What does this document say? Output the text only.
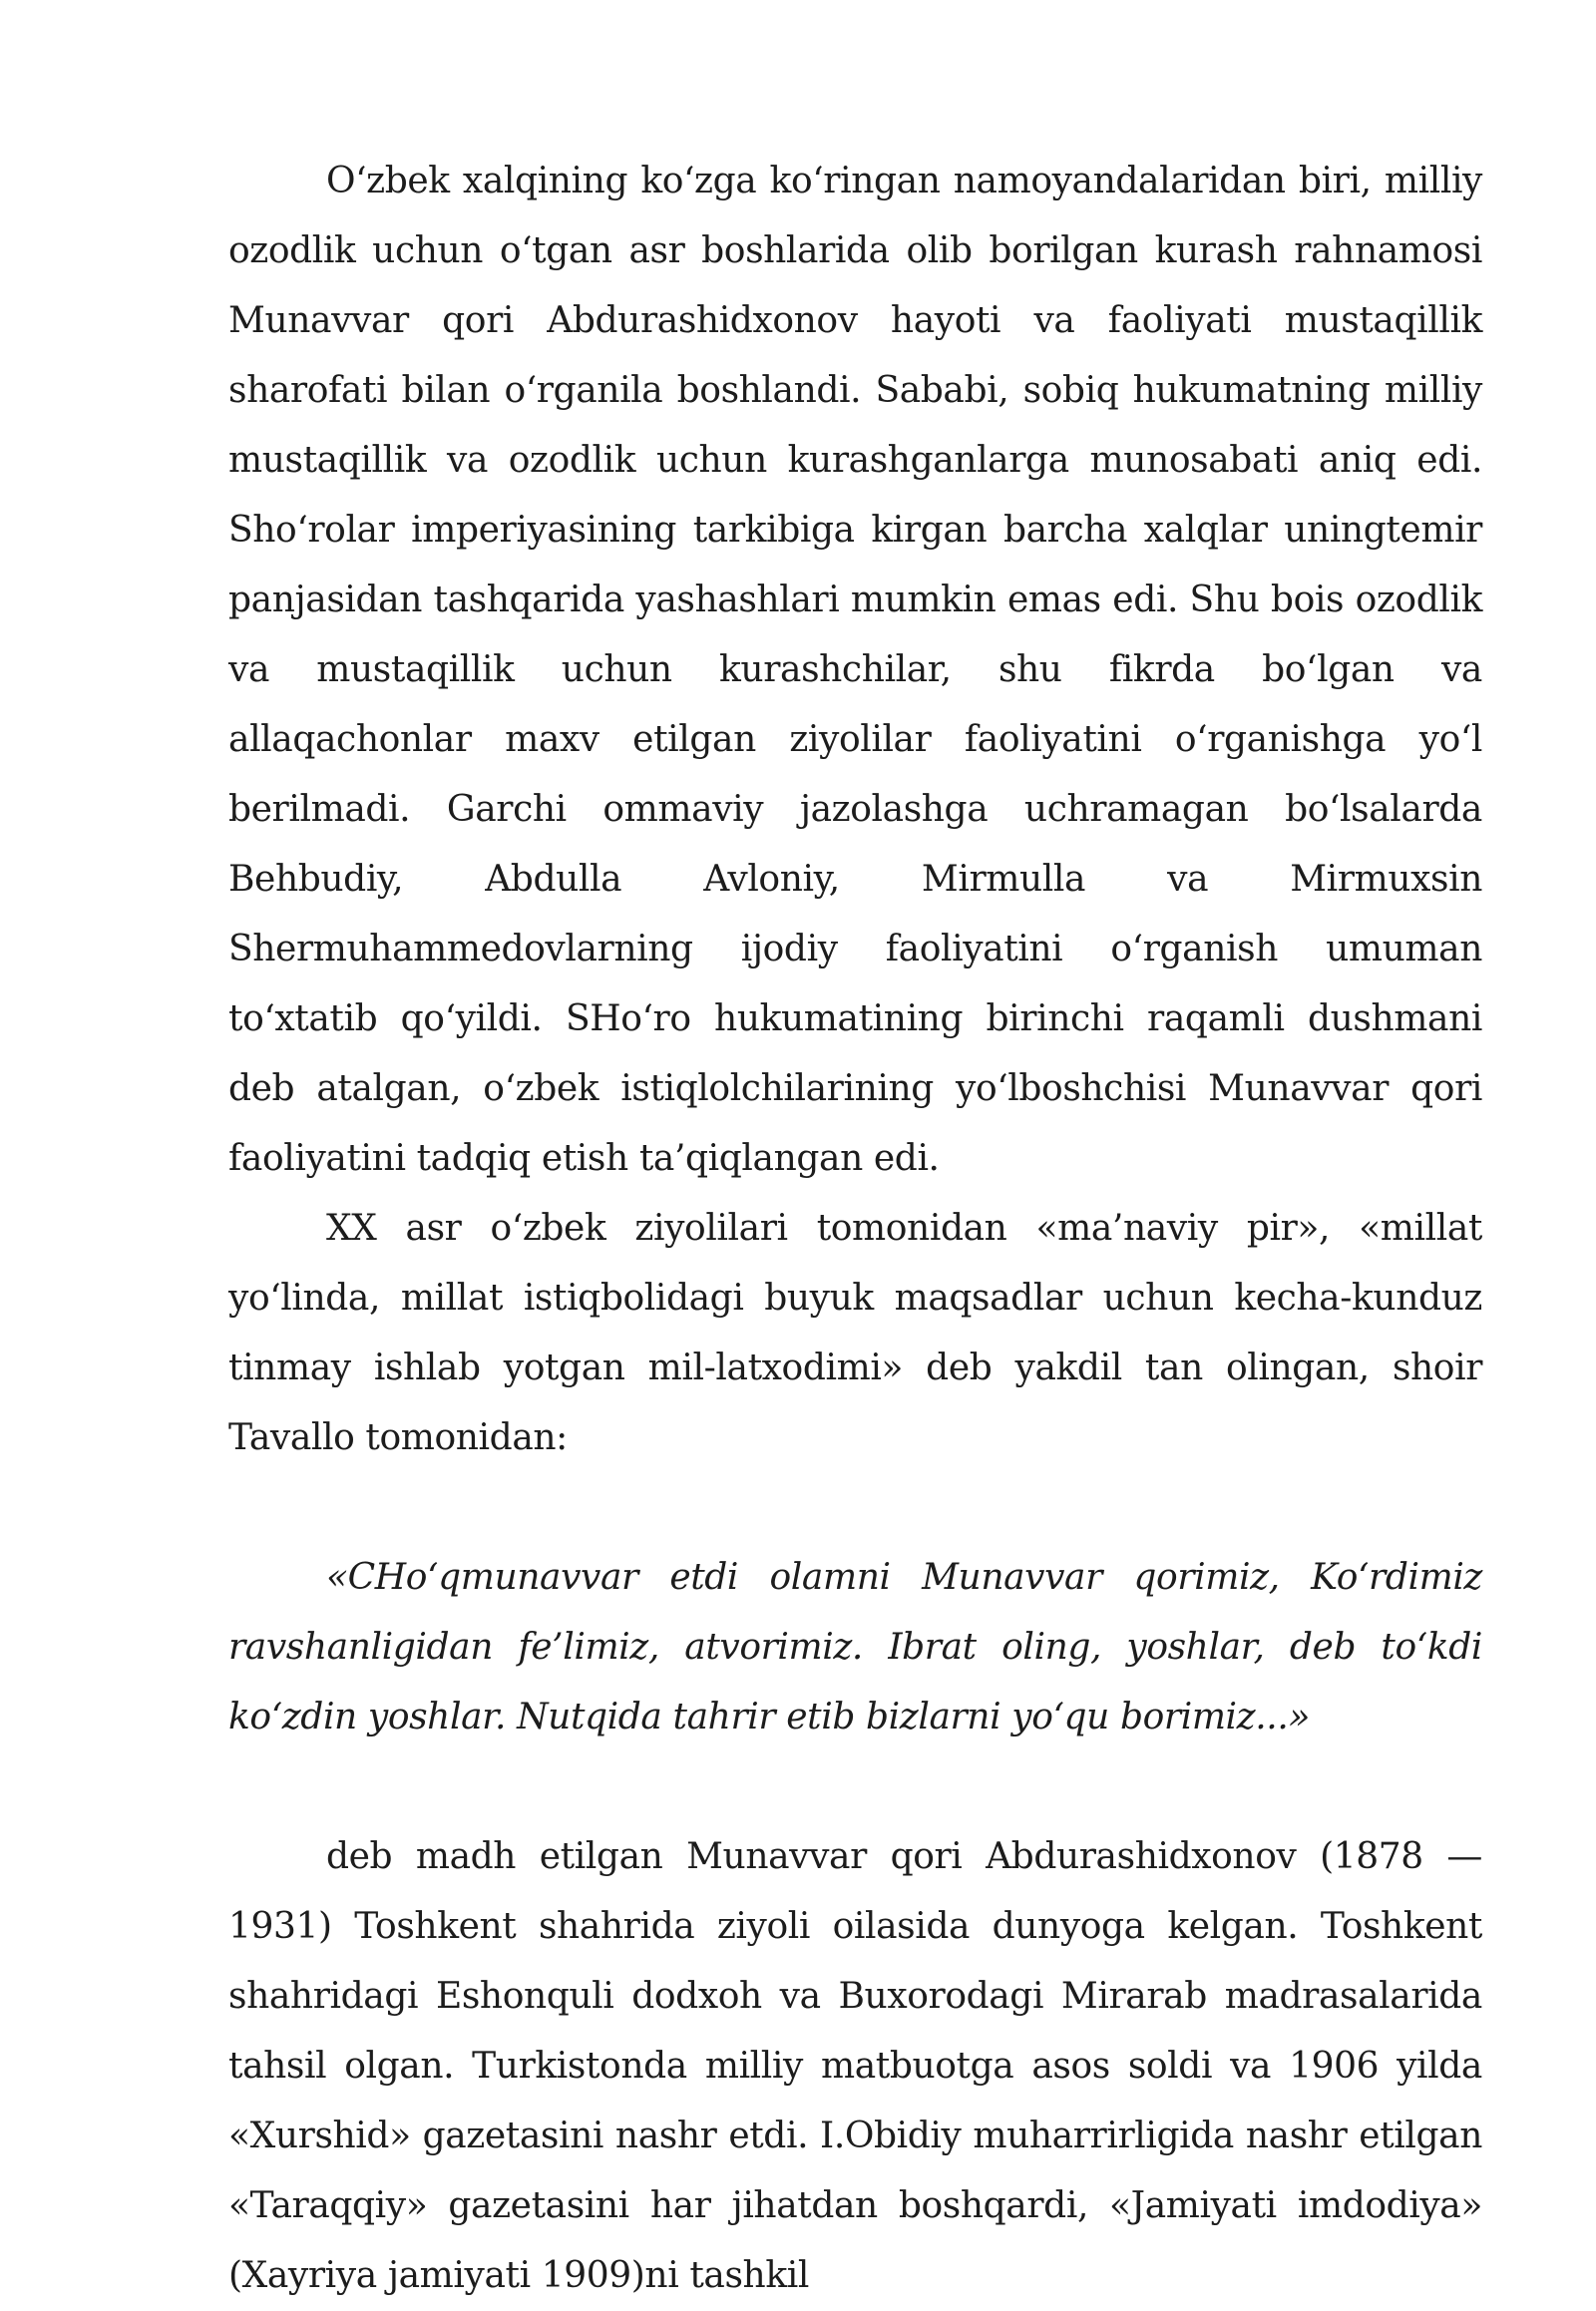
O‘zbek xalqining ko‘zga ko‘ringan namoyandalaridan biri, milliy ozodlik uchun o‘tgan asr boshlarida olib borilgan kurash rahnamosi Munavvar qori Abdurashidxonov hayoti va faoliyati mustaqillik sharofati bilan o‘rganila boshlandi. Sababi, sobiq hukumatning milliy mustaqillik va ozodlik uchun kurashganlarga munosabati aniq edi. Sho‘rolar imperiyasining tarkibiga kirgan barcha xalqlar uningtemir panjasidan tashqarida yashashlari mumkin emas edi. Shu bois ozodlik va mustaqillik uchun kurashchilar, shu fikrda bo‘lgan va allaqachonlar maxv etilgan ziyolilar faoliyatini o‘rganishga yo‘l berilmadi. Garchi ommaviy jazolashga uchramagan bo‘lsalarda Behbudiy, Abdulla Avloniy, Mirmulla va Mirmuxsin Shermuhammedovlarning ijodiy faoliyatini o‘rganish umuman to‘xtatib qo‘yildi. SHo‘ro hukumatining birinchi raqamli dushmani deb atalgan, o‘zbek istiqlolchilarining yo‘lboshchisi Munavvar qori faoliyatini tadqiq etish ta’qiqlangan edi.

XX asr o‘zbek ziyolilari tomonidan «ma’naviy pir», «millat yo‘linda, millat istiqbolidagi buyuk maqsadlar uchun kecha-kunduz tinmay ishlab yotgan mil-latxodimi» deb yakdil tan olingan, shoir Tavallo tomonidan:

«CHo‘qmunavvar etdi olamni Munavvar qorimiz, Ko‘rdimiz ravshanligidan fe’limiz, atvorimiz. Ibrat oling, yoshlar, deb to‘kdi ko‘zdin yoshlar. Nutqida tahrir etib bizlarni yo‘qu borimiz...»

deb madh etilgan Munavvar qori Abdurashidxonov (1878 — 1931) Toshkent shahrida ziyoli oilasida dunyoga kelgan. Toshkent shahridagi Eshonquli dodxoh va Buxorodagi Mirarab madrasalarida tahsil olgan. Turkistonda milliy matbuotga asos soldi va 1906 yilda «Xurshid» gazetasini nashr etdi. I.Obidiy muharrirligida nashr etilgan «Taraqqiy» gazetasini har jihatdan boshqardi, «Jamiyati imdodiya» (Xayriya jamiyati 1909)ni tashkil
